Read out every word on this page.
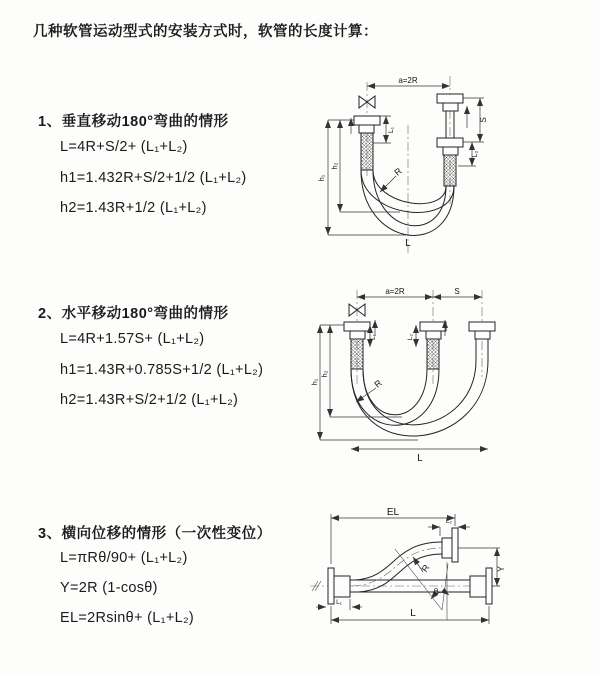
几种软管运动型式的安装方式时，软管的长度计算：
1、垂直移动180°弯曲的情形
L=4R+S/2+ (L₁+L₂)
h1=1.432R+S/2+1/2 (L₁+L₂)
h2=1.43R+1/2 (L₁+L₂)
2、水平移动180°弯曲的情形
L=4R+1.57S+ (L₁+L₂)
h1=1.43R+0.785S+1/2 (L₁+L₂)
h2=1.43R+S/2+1/2 (L₁+L₂)
3、横向位移的情形（一次性变位）
L=πRθ/90+ (L₁+L₂)
Y=2R (1-cosθ)
EL=2Rsinθ+ (L₁+L₂)
a=2R
L₁
h₁
h₂
S
L₂
R
L
a=2R	S
L₁	L₂
h₁
h₂
R
L
θ
R
EL
L₂
Y
L₁
L
